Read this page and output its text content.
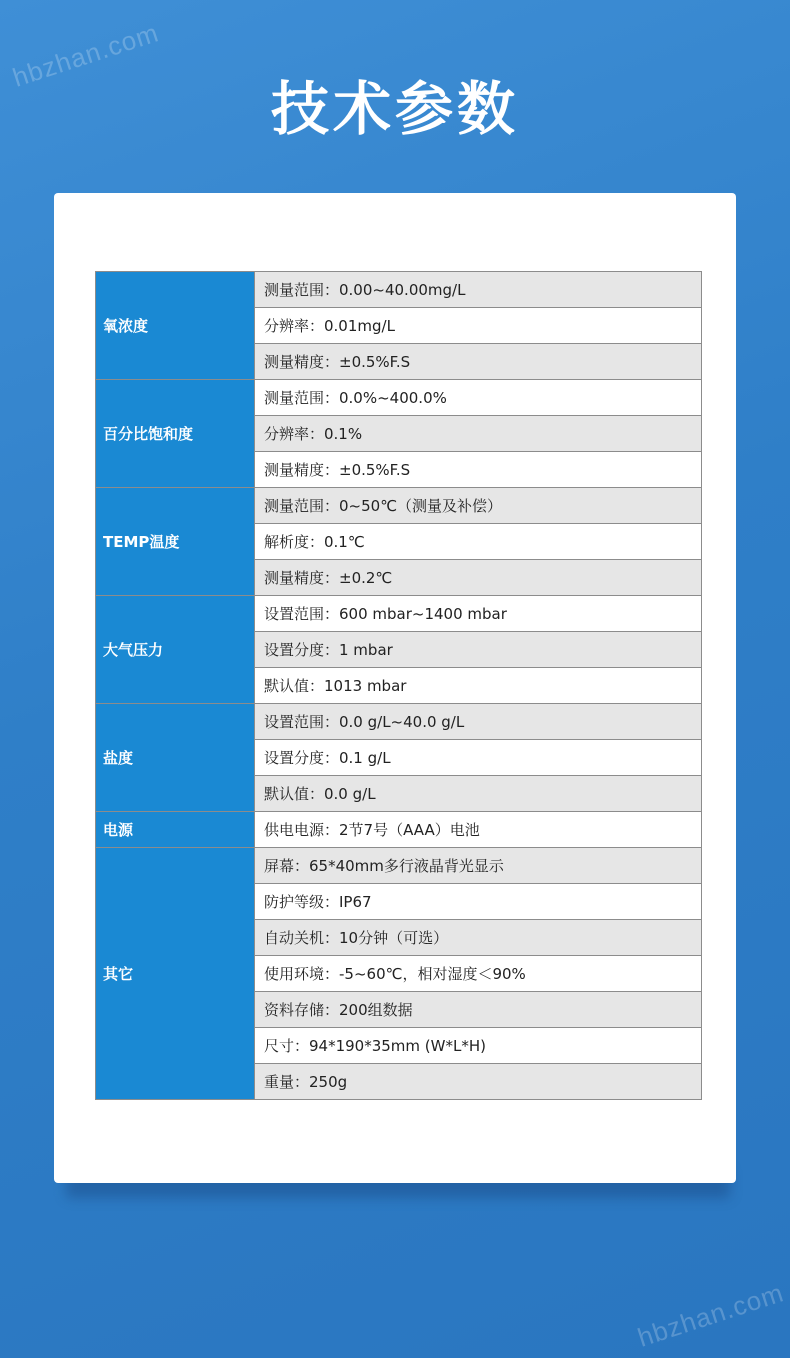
hbzhan.com
hbzhan.com
技术参数
氧浓度	测量范围：0.00~40.00mg/L
	分辨率：0.01mg/L
	测量精度：±0.5%F.S
百分比饱和度	测量范围：0.0%~400.0%
	分辨率：0.1%
	测量精度：±0.5%F.S
TEMP温度	测量范围：0~50℃（测量及补偿）
	解析度：0.1℃
	测量精度：±0.2℃
大气压力	设置范围：600 mbar~1400 mbar
	设置分度：1 mbar
	默认值：1013 mbar
盐度	设置范围：0.0 g/L~40.0 g/L
	设置分度：0.1 g/L
	默认值：0.0 g/L
电源	供电电源：2节7号（AAA）电池
其它	屏幕：65*40mm多行液晶背光显示
	防护等级：IP67
	自动关机：10分钟（可选）
	使用环境：-5~60℃，相对湿度＜90%
	资料存储：200组数据
	尺寸：94*190*35mm (W*L*H)
	重量：250g
